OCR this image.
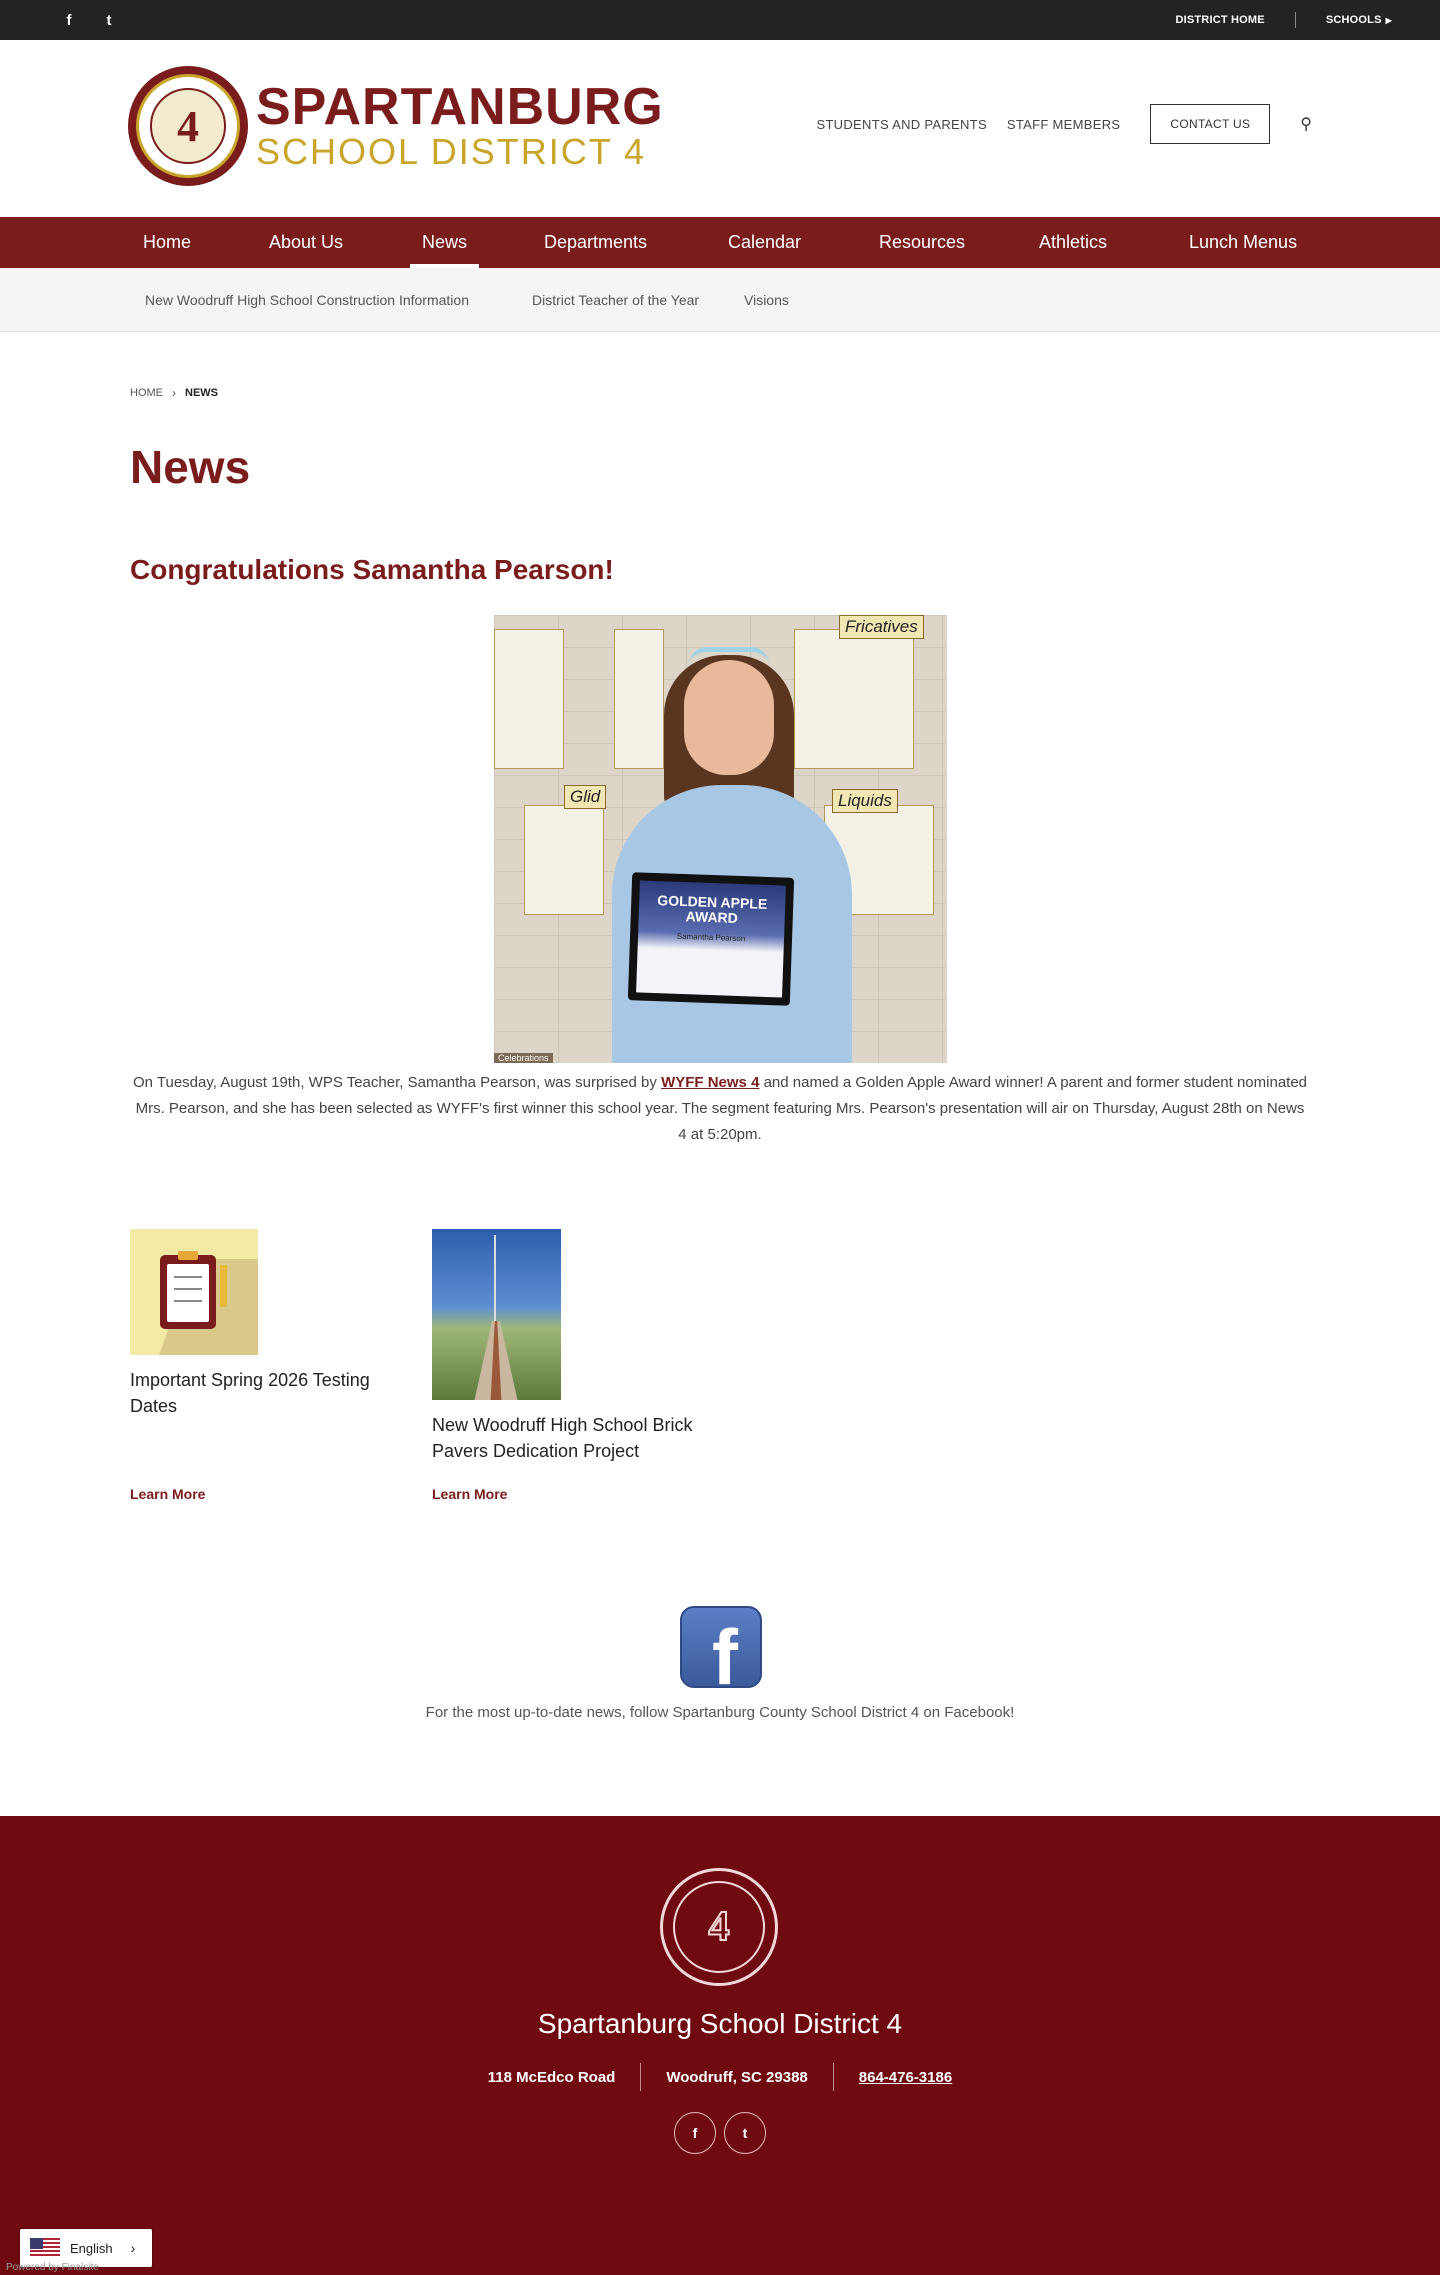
f	t	DISTRICT HOME	SCHOOLS ▶
4 SPARTANBURG
SCHOOL DISTRICT 4
STUDENTS AND PARENTS STAFF MEMBERS	CONTACT US	⚲
Home	About Us	News	Departments	Calendar	Resources	Athletics	Lunch Menus
New Woodruff High School Construction Information	District Teacher of the Year	Visions
HOME › NEWS
News
Congratulations Samantha Pearson!
Fricatives
Glid	Liquids
GOLDEN APPLE AWARD
Samantha Pearson
Celebrations

On Tuesday, August 19th, WPS Teacher, Samantha Pearson, was surprised by WYFF News 4 and named a Golden Apple Award winner! A parent and former student nominated Mrs. Pearson, and she has been selected as WYFF's first winner this school year. The segment featuring Mrs. Pearson's presentation will air on Thursday, August 28th on News 4 at 5:20pm.

Important Spring 2026 Testing Dates
Learn More
New Woodruff High School Brick Pavers Dedication Project
Learn More
f

For the most up-to-date news, follow Spartanburg County School District 4 on Facebook!

4
Spartanburg School District 4
118 McEdco Road	Woodruff, SC 29388	864-476-3186
f	t
English ›
Powered by Finalsite
